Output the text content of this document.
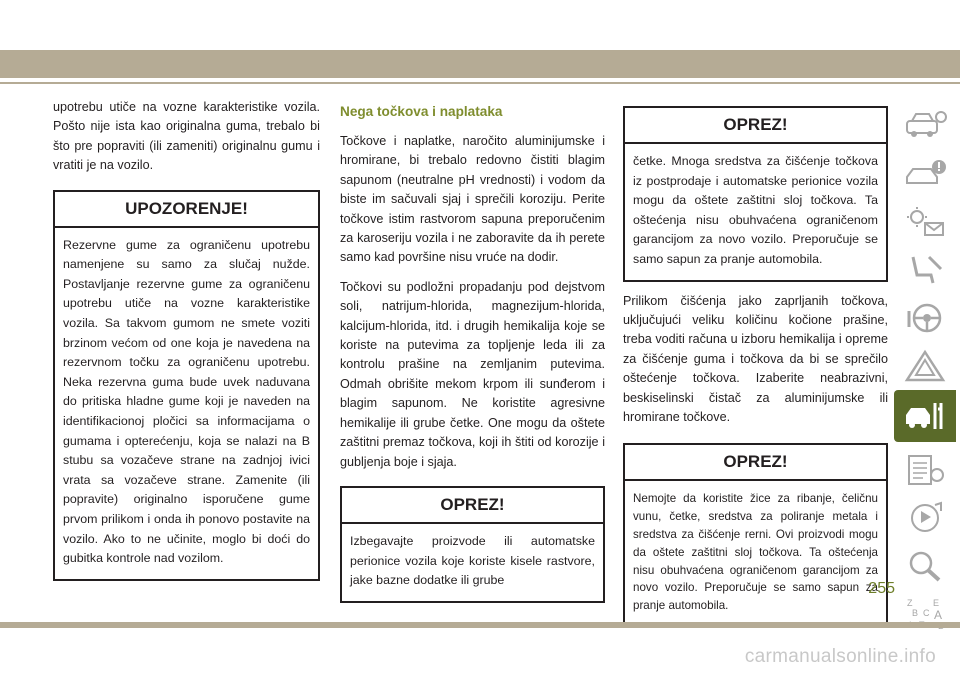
upotrebu utiče na vozne karakteristike vozila. Pošto nije ista kao originalna guma, trebalo bi što pre popraviti (ili zameniti) originalnu gumu i vratiti je na vozilo.

UPOZORENJE!
Rezervne gume za ograničenu upotrebu namenjene su samo za slučaj nužde. Postavljanje rezervne gume za ograničenu upotrebu utiče na vozne karakteristike vozila. Sa takvom gumom ne smete voziti brzinom većom od one koja je navedena na rezervnom točku za ograničenu upotrebu. Neka rezervna guma bude uvek naduvana do pritiska hladne gume koji je naveden na identifikacionoj pločici sa informacijama o gumama i opterećenju, koja se nalazi na B stubu sa vozačeve strane na zadnjoj ivici vrata sa vozačeve strane. Zamenite (ili popravite) originalno isporučene gume prvom prilikom i onda ih ponovo postavite na vozilo. Ako to ne učinite, moglo bi doći do gubitka kontrole nad vozilom.
Nega točkova i naplataka

Točkove i naplatke, naročito aluminijumske i hromirane, bi trebalo redovno čistiti blagim sapunom (neutralne pH vrednosti) i vodom da biste im sačuvali sjaj i sprečili koroziju. Perite točkove istim rastvorom sapuna preporučenim za karoseriju vozila i ne zaboravite da ih perete samo kad površine nisu vruće na dodir.

Točkovi su podložni propadanju pod dejstvom soli, natrijum-hlorida, magnezijum-hlorida, kalcijum-hlorida, itd. i drugih hemikalija koje se koriste na putevima za topljenje leda ili za kontrolu prašine na zemljanim putevima. Odmah obrišite mekom krpom ili sunđerom i blagim sapunom. Ne koristite agresivne hemikalije ili grube četke. One mogu da oštete zaštitni premaz točkova, koji ih štiti od korozije i gubljenja boje i sjaja.

OPREZ!
Izbegavajte proizvode ili automatske perionice vozila koje koriste kisele rastvore, jake bazne dodatke ili grube
OPREZ!
četke. Mnoga sredstva za čišćenje točkova iz postprodaje i automatske perionice vozila mogu da oštete zaštitni sloj točkova. Ta oštećenja nisu obuhvaćena ograničenom garancijom za novo vozilo. Preporučuje se samo sapun za pranje automobila.

Prilikom čišćenja jako zaprljanih točkova, uključujući veliku količinu kočione prašine, treba voditi računa u izboru hemikalija i opreme za čišćenje guma i točkova da bi se sprečilo oštećenje točkova. Izaberite neabrazivni, beskiselinski čistač za aluminijumske ili hromirane točkove.

OPREZ!
Nemojte da koristite žice za ribanje, čeličnu vunu, četke, sredstva za poliranje metala i sredstva za čišćenje rerni. Ovi proizvodi mogu da oštete zaštitni sloj točkova. Ta oštećenja nisu obuhvaćena ograničenom garancijom za novo vozilo. Preporučuje se samo sapun za pranje automobila.	Z E
B C A
255
carmanualsonline.info
